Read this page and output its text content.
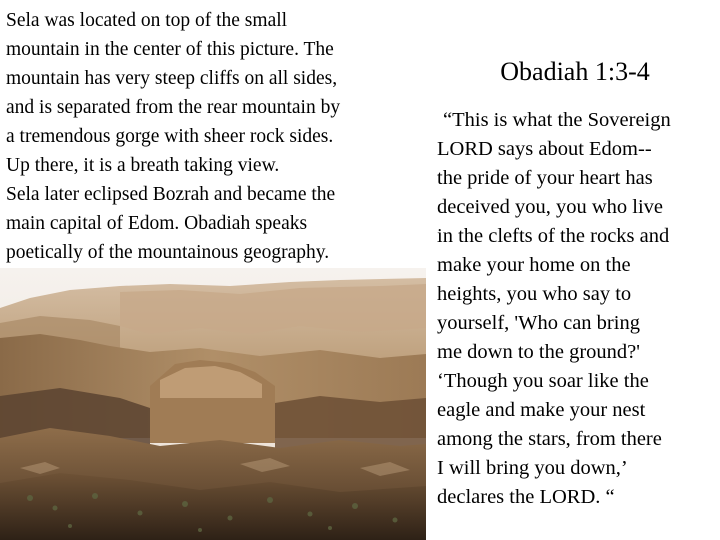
Sela was located on top of the small
mountain in the center of this picture. The
mountain has very steep cliffs on all sides,
and is separated from the rear mountain by
a tremendous gorge with sheer rock sides.
Up there, it is a breath taking view.
Sela later eclipsed Bozrah and became the
main capital of Edom. Obadiah speaks
poetically of the mountainous geography.
Obadiah 1:3-4
“This is what the Sovereign
LORD says about Edom--
the pride of your heart has
deceived you, you who live
in the clefts of the rocks and
make your home on the
heights, you who say to
yourself, 'Who can bring
me down to the ground?'
‘Though you soar like the
eagle and make your nest
among the stars, from there
I will bring you down,’
declares the LORD. “
